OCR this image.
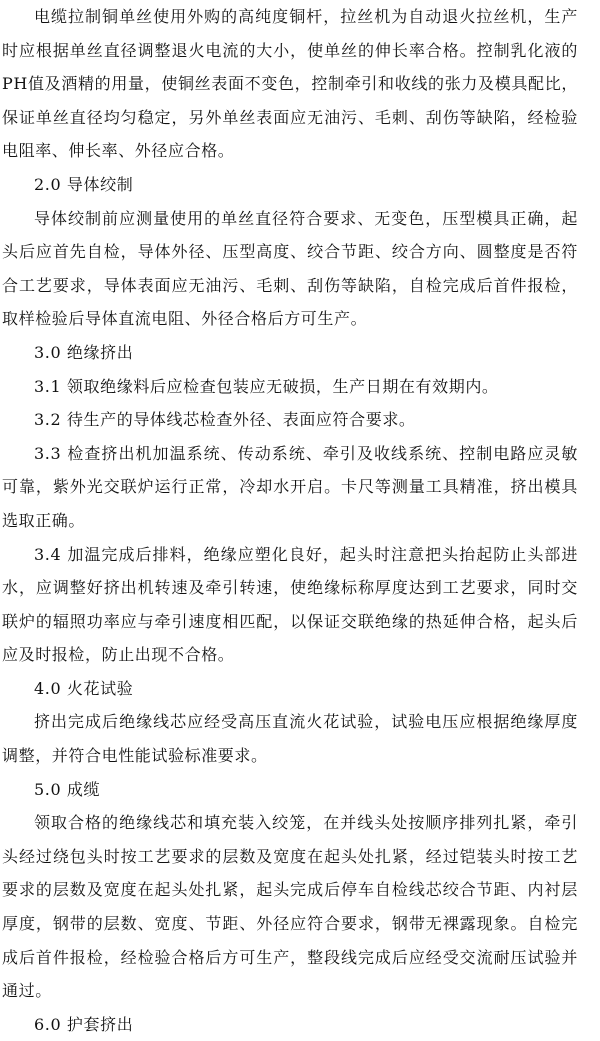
电缆拉制铜单丝使用外购的高纯度铜杆，拉丝机为自动退火拉丝机，生产时应根据单丝直径调整退火电流的大小，使单丝的伸长率合格。控制乳化液的PH值及酒精的用量，使铜丝表面不变色，控制牵引和收线的张力及模具配比，保证单丝直径均匀稳定，另外单丝表面应无油污、毛刺、刮伤等缺陷，经检验电阻率、伸长率、外径应合格。

2.0 导体绞制

导体绞制前应测量使用的单丝直径符合要求、无变色，压型模具正确，起头后应首先自检，导体外径、压型高度、绞合节距、绞合方向、圆整度是否符合工艺要求，导体表面应无油污、毛刺、刮伤等缺陷，自检完成后首件报检，取样检验后导体直流电阻、外径合格后方可生产。

3.0 绝缘挤出

3.1 领取绝缘料后应检查包装应无破损，生产日期在有效期内。

3.2 待生产的导体线芯检查外径、表面应符合要求。

3.3 检查挤出机加温系统、传动系统、牵引及收线系统、控制电路应灵敏可靠，紫外光交联炉运行正常，冷却水开启。卡尺等测量工具精准，挤出模具选取正确。

3.4 加温完成后排料，绝缘应塑化良好，起头时注意把头抬起防止头部进水，应调整好挤出机转速及牵引转速，使绝缘标称厚度达到工艺要求，同时交联炉的辐照功率应与牵引速度相匹配，以保证交联绝缘的热延伸合格，起头后应及时报检，防止出现不合格。

4.0 火花试验

挤出完成后绝缘线芯应经受高压直流火花试验，试验电压应根据绝缘厚度调整，并符合电性能试验标准要求。

5.0 成缆

领取合格的绝缘线芯和填充装入绞笼，在并线头处按顺序排列扎紧，牵引头经过绕包头时按工艺要求的层数及宽度在起头处扎紧，经过铠装头时按工艺要求的层数及宽度在起头处扎紧，起头完成后停车自检线芯绞合节距、内衬层厚度，钢带的层数、宽度、节距、外径应符合要求，钢带无裸露现象。自检完成后首件报检，经检验合格后方可生产，整段线完成后应经受交流耐压试验并通过。

6.0 护套挤出
